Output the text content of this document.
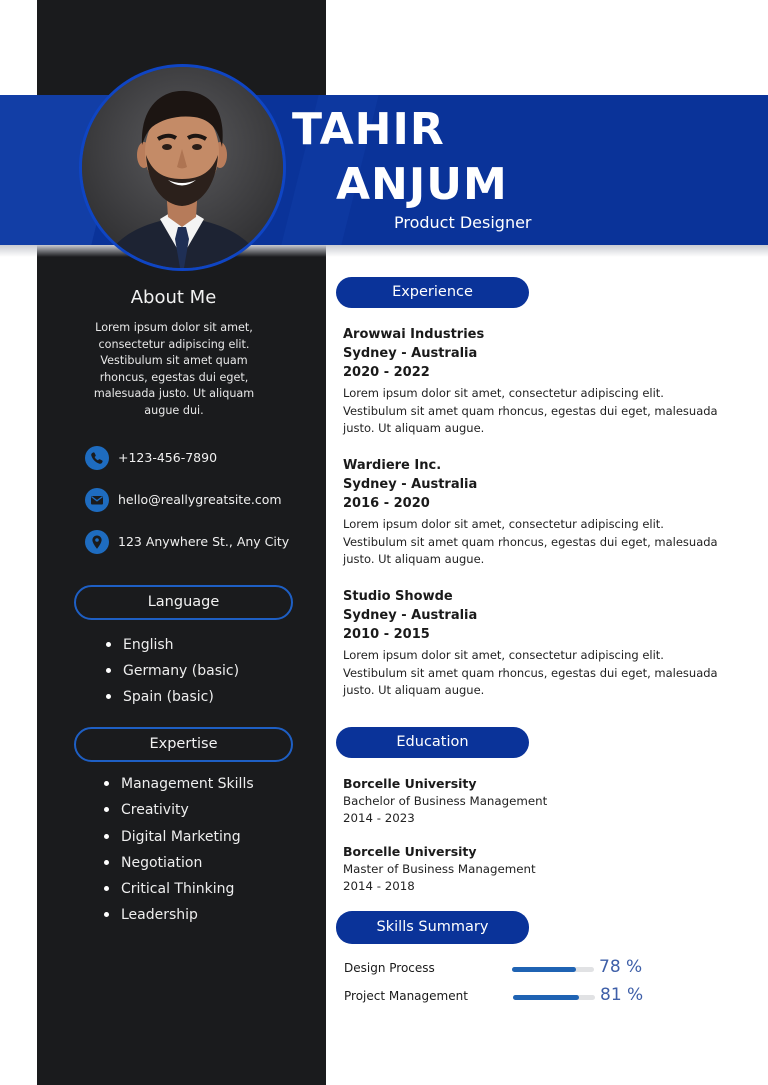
TAHIR
ANJUM
Product Designer
About Me
Lorem ipsum dolor sit amet, consectetur adipiscing elit. Vestibulum sit amet quam rhoncus, egestas dui eget, malesuada justo. Ut aliquam augue dui.
+123-456-7890
hello@reallygreatsite.com
123 Anywhere St., Any City
Language
English
Germany (basic)
Spain (basic)
Expertise
Management Skills
Creativity
Digital Marketing
Negotiation
Critical Thinking
Leadership
Experience
Arowwai Industries
Sydney - Australia
2020 - 2022
Lorem ipsum dolor sit amet, consectetur adipiscing elit. Vestibulum sit amet quam rhoncus, egestas dui eget, malesuada justo. Ut aliquam augue.
Wardiere Inc.
Sydney - Australia
2016 - 2020
Lorem ipsum dolor sit amet, consectetur adipiscing elit. Vestibulum sit amet quam rhoncus, egestas dui eget, malesuada justo. Ut aliquam augue.
Studio Showde
Sydney - Australia
2010 - 2015
Lorem ipsum dolor sit amet, consectetur adipiscing elit. Vestibulum sit amet quam rhoncus, egestas dui eget, malesuada justo. Ut aliquam augue.
Education
Borcelle University
Bachelor of Business Management
2014 - 2023
Borcelle University
Master of Business Management
2014 - 2018
Skills Summary
Design Process	78 %
Project Management	81 %
